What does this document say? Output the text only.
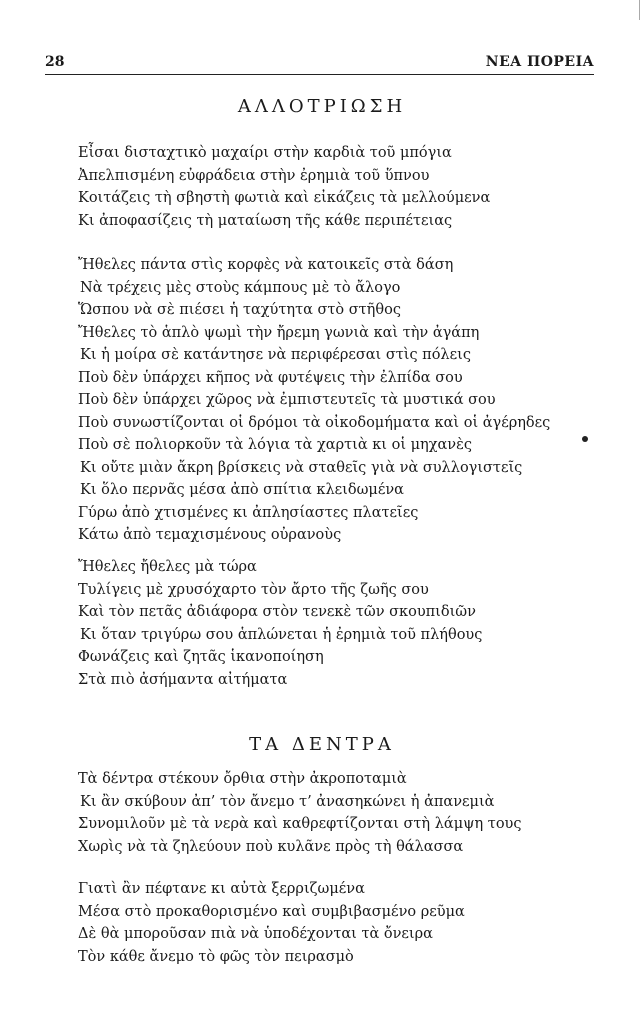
28	ΝΕΑ ΠΟΡΕΙΑ
ΑΛΛΟΤΡΙΩΣΗ
Εἶσαι δισταχτικὸ μαχαίρι στὴν καρδιὰ τοῦ μπόγια
Ἀπελπισμένη εὐφράδεια στὴν ἐρημιὰ τοῦ ὕπνου
Κοιτάζεις τὴ σβηστὴ φωτιὰ καὶ εἰκάζεις τὰ μελλούμενα
Κι ἀποφασίζεις τὴ ματαίωση τῆς κάθε περιπέτειας
Ἤθελες πάντα στὶς κορφὲς νὰ κατοικεῖς στὰ δάση
Νὰ τρέχεις μὲς στοὺς κάμπους μὲ τὸ ἄλογο
Ὥσπου νὰ σὲ πιέσει ἡ ταχύτητα στὸ στῆθος
Ἤθελες τὸ ἁπλὸ ψωμὶ τὴν ἤρεμη γωνιὰ καὶ τὴν ἀγάπη
Κι ἡ μοίρα σὲ κατάντησε νὰ περιφέρεσαι στὶς πόλεις
Ποὺ δὲν ὑπάρχει κῆπος νὰ φυτέψεις τὴν ἐλπίδα σου
Ποὺ δὲν ὑπάρχει χῶρος νὰ ἐμπιστευτεῖς τὰ μυστικά σου
Ποὺ συνωστίζονται οἱ δρόμοι τὰ οἰκοδομήματα καὶ οἱ ἀγέρηδες
Ποὺ σὲ πολιορκοῦν τὰ λόγια τὰ χαρτιὰ κι οἱ μηχανὲς
Κι οὔτε μιὰν ἄκρη βρίσκεις νὰ σταθεῖς γιὰ νὰ συλλογιστεῖς
Κι ὅλο περνᾶς μέσα ἀπὸ σπίτια κλειδωμένα
Γύρω ἀπὸ χτισμένες κι ἀπλησίαστες πλατεῖες
Κάτω ἀπὸ τεμαχισμένους οὐρανοὺς
Ἤθελες ἤθελες μὰ τώρα
Τυλίγεις μὲ χρυσόχαρτο τὸν ἄρτο τῆς ζωῆς σου
Καὶ τὸν πετᾶς ἀδιάφορα στὸν τενεκὲ τῶν σκουπιδιῶν
Κι ὅταν τριγύρω σου ἁπλώνεται ἡ ἐρημιὰ τοῦ πλήθους
Φωνάζεις καὶ ζητᾶς ἱκανοποίηση
Στὰ πιὸ ἀσήμαντα αἰτήματα
ΤΑ ΔΕΝΤΡΑ
Τὰ δέντρα στέκουν ὄρθια στὴν ἀκροποταμιὰ
Κι ἂν σκύβουν ἀπ’ τὸν ἄνεμο τ’ ἀνασηκώνει ἡ ἀπανεμιὰ
Συνομιλοῦν μὲ τὰ νερὰ καὶ καθρεφτίζονται στὴ λάμψη τους
Χωρὶς νὰ τὰ ζηλεύουν ποὺ κυλᾶνε πρὸς τὴ θάλασσα
Γιατὶ ἂν πέφτανε κι αὐτὰ ξερριζωμένα
Μέσα στὸ προκαθορισμένο καὶ συμβιβασμένο ρεῦμα
Δὲ θὰ μποροῦσαν πιὰ νὰ ὑποδέχονται τὰ ὄνειρα
Τὸν κάθε ἄνεμο τὸ φῶς τὸν πειρασμὸ
